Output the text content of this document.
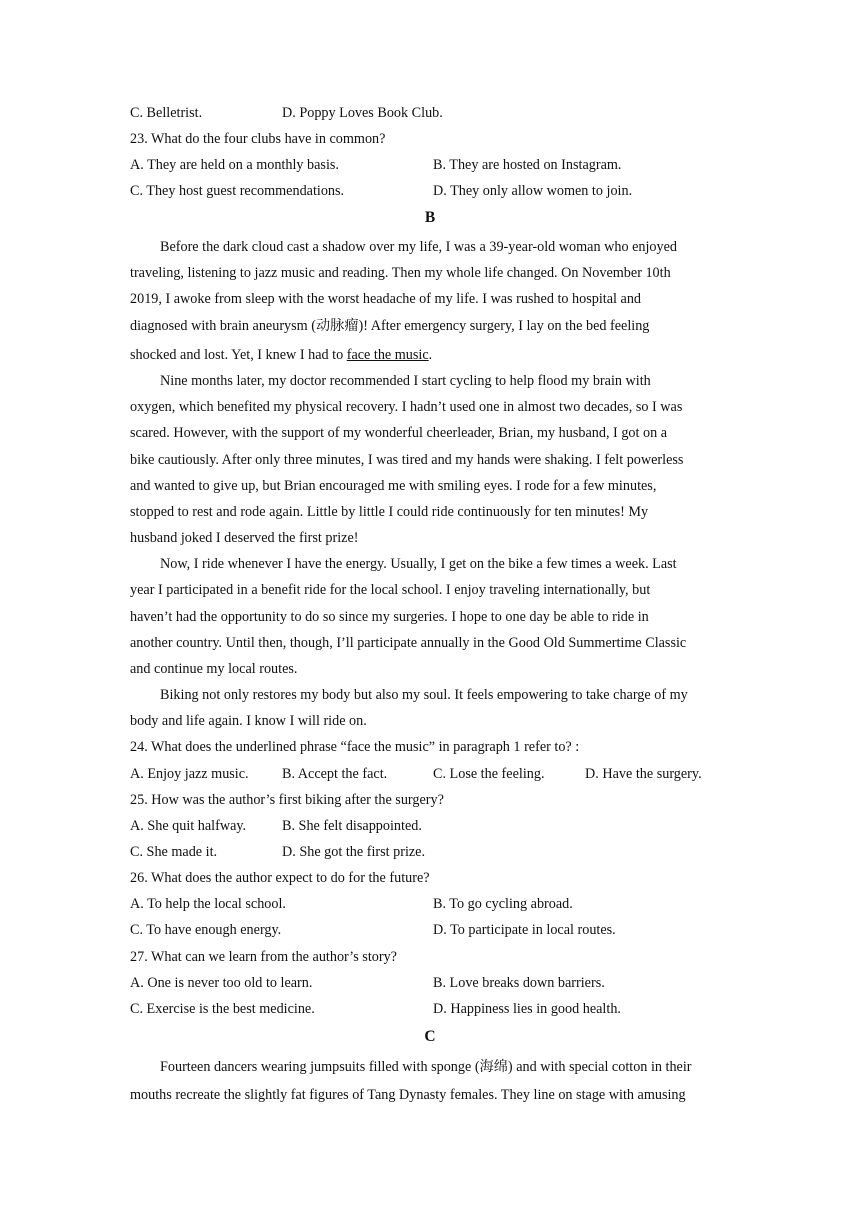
C. Belletrist.	D. Poppy Loves Book Club.
23. What do the four clubs have in common?
A. They are held on a monthly basis.	B. They are hosted on Instagram.
C. They host guest recommendations.	D. They only allow women to join.
B
Before the dark cloud cast a shadow over my life, I was a 39-year-old woman who enjoyed
traveling, listening to jazz music and reading. Then my whole life changed. On November 10th
2019, I awoke from sleep with the worst headache of my life. I was rushed to hospital and
diagnosed with brain aneurysm (动脉瘤)! After emergency surgery, I lay on the bed feeling
shocked and lost. Yet, I knew I had to face the music.
Nine months later, my doctor recommended I start cycling to help flood my brain with
oxygen, which benefited my physical recovery. I hadn’t used one in almost two decades, so I was
scared. However, with the support of my wonderful cheerleader, Brian, my husband, I got on a
bike cautiously. After only three minutes, I was tired and my hands were shaking. I felt powerless
and wanted to give up, but Brian encouraged me with smiling eyes. I rode for a few minutes,
stopped to rest and rode again. Little by little I could ride continuously for ten minutes! My
husband joked I deserved the first prize!
Now, I ride whenever I have the energy. Usually, I get on the bike a few times a week. Last
year I participated in a benefit ride for the local school. I enjoy traveling internationally, but
haven’t had the opportunity to do so since my surgeries. I hope to one day be able to ride in
another country. Until then, though, I’ll participate annually in the Good Old Summertime Classic
and continue my local routes.
Biking not only restores my body but also my soul. It feels empowering to take charge of my
body and life again. I know I will ride on.
24. What does the underlined phrase “face the music” in paragraph 1 refer to? :
A. Enjoy jazz music. B. Accept the fact.	C. Lose the feeling.	D. Have the surgery.
25. How was the author’s first biking after the surgery?
A. She quit halfway.	B. She felt disappointed.
C. She made it.	D. She got the first prize.
26. What does the author expect to do for the future?
A. To help the local school.	B. To go cycling abroad.
C. To have enough energy.	D. To participate in local routes.
27. What can we learn from the author’s story?
A. One is never too old to learn.	B. Love breaks down barriers.
C. Exercise is the best medicine.	D. Happiness lies in good health.
C
Fourteen dancers wearing jumpsuits filled with sponge (海绵) and with special cotton in their
mouths recreate the slightly fat figures of Tang Dynasty females. They line on stage with amusing
